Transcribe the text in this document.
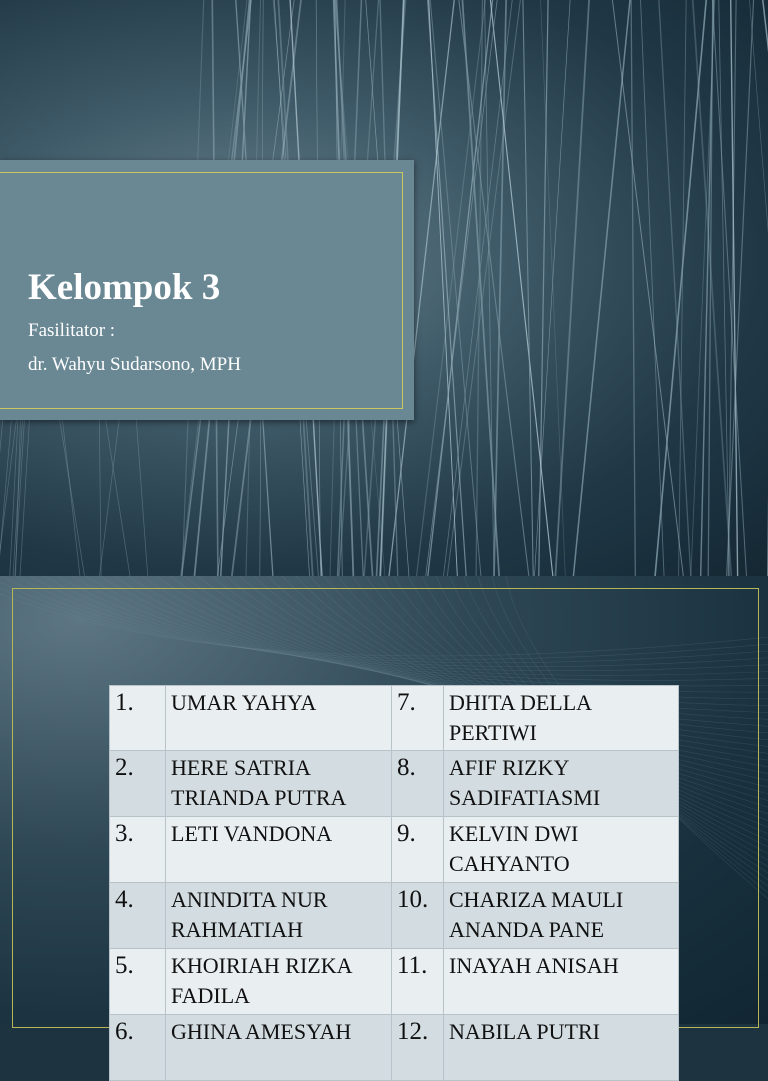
Kelompok 3
Fasilitator :
dr. Wahyu Sudarsono, MPH
1.	UMAR YAHYA	7.	DHITA DELLA PERTIWI
2.	HERE SATRIA TRIANDA PUTRA	8.	AFIF RIZKY SADIFATIASMI
3.	LETI VANDONA	9.	KELVIN DWI CAHYANTO
4.	ANINDITA NUR RAHMATIAH	10.	CHARIZA MAULI ANANDA PANE
5.	KHOIRIAH RIZKA FADILA	11.	INAYAH ANISAH
6.	GHINA AMESYAH	12.	NABILA PUTRI
